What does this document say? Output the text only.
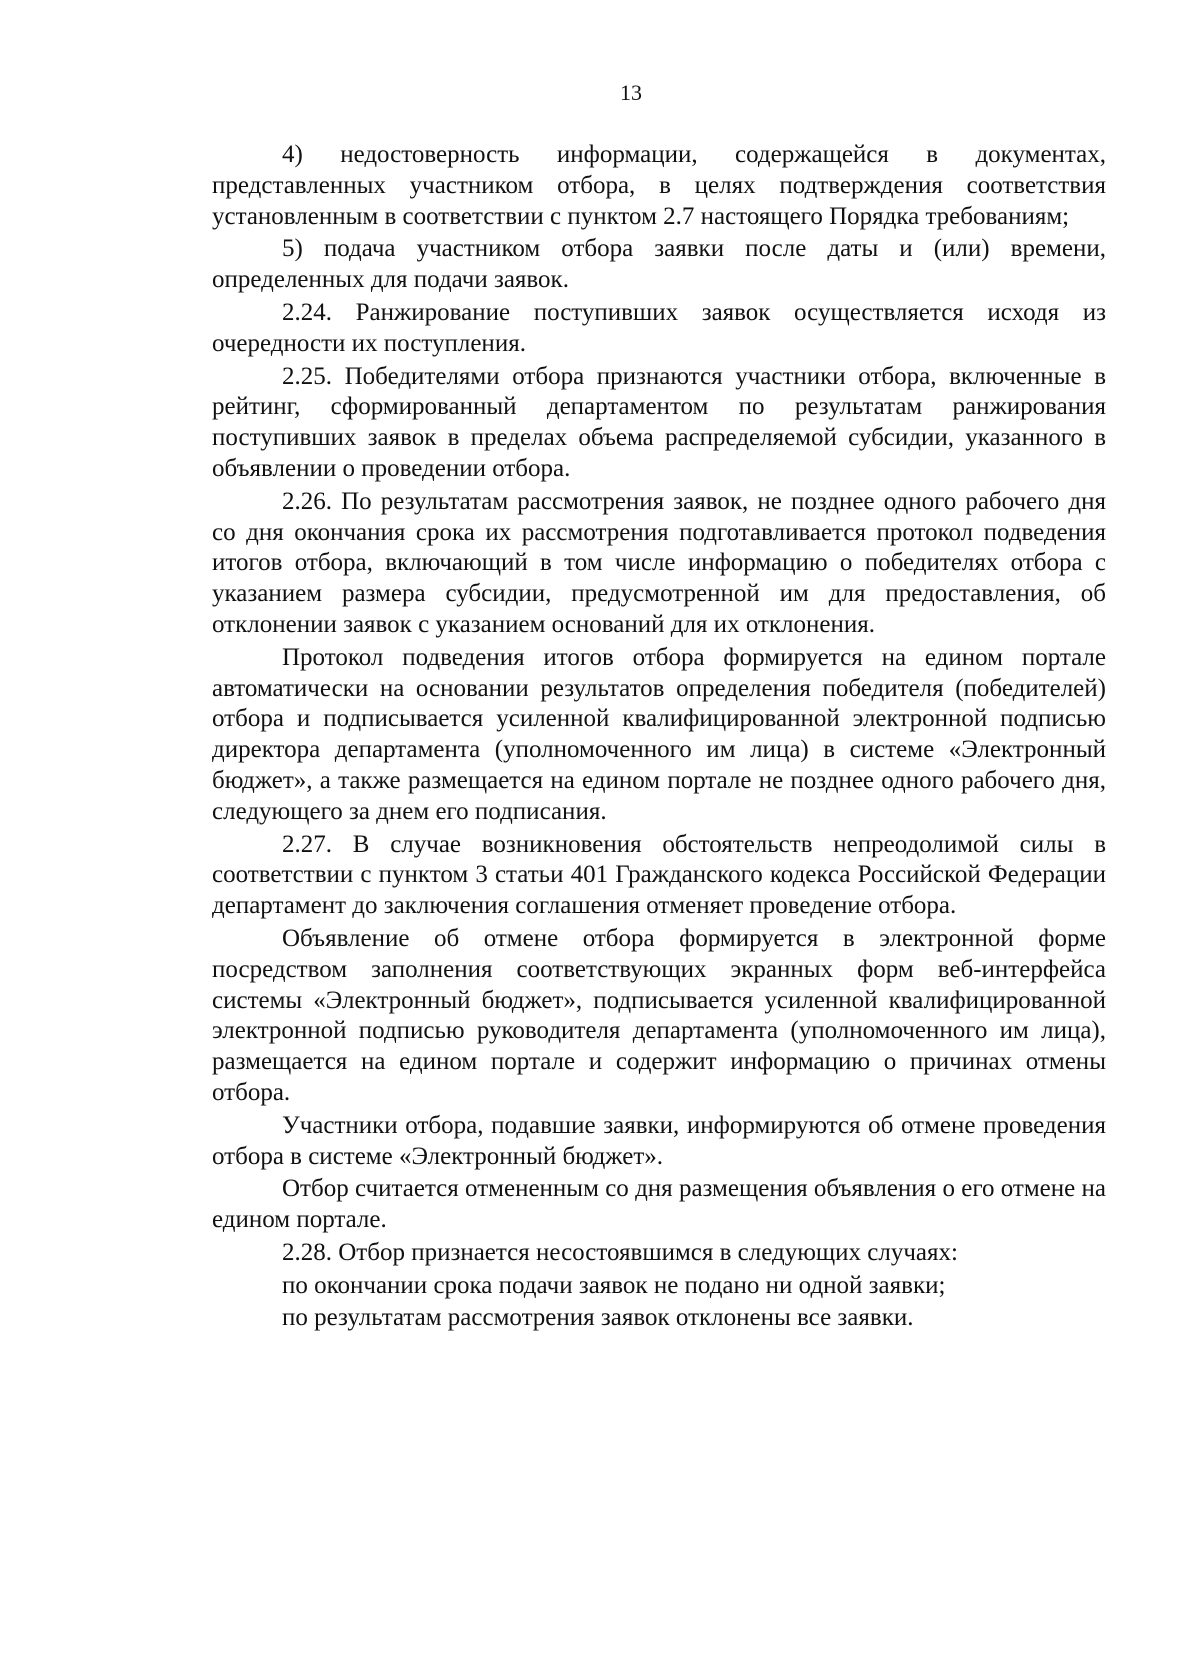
13

4) недостоверность информации, содержащейся в документах, представленных участником отбора, в целях подтверждения соответствия установленным в соответствии с пунктом 2.7 настоящего Порядка требованиям;

5) подача участником отбора заявки после даты и (или) времени, определенных для подачи заявок.

2.24. Ранжирование поступивших заявок осуществляется исходя из очередности их поступления.

2.25. Победителями отбора признаются участники отбора, включенные в рейтинг, сформированный департаментом по результатам ранжирования поступивших заявок в пределах объема распределяемой субсидии, указанного в объявлении о проведении отбора.

2.26. По результатам рассмотрения заявок, не позднее одного рабочего дня со дня окончания срока их рассмотрения подготавливается протокол подведения итогов отбора, включающий в том числе информацию о победителях отбора с указанием размера субсидии, предусмотренной им для предоставления, об отклонении заявок с указанием оснований для их отклонения.

Протокол подведения итогов отбора формируется на едином портале автоматически на основании результатов определения победителя (победителей) отбора и подписывается усиленной квалифицированной электронной подписью директора департамента (уполномоченного им лица) в системе «Электронный бюджет», а также размещается на едином портале не позднее одного рабочего дня, следующего за днем его подписания.

2.27. В случае возникновения обстоятельств непреодолимой силы в соответствии с пунктом 3 статьи 401 Гражданского кодекса Российской Федерации департамент до заключения соглашения отменяет проведение отбора.

Объявление об отмене отбора формируется в электронной форме посредством заполнения соответствующих экранных форм веб-интерфейса системы «Электронный бюджет», подписывается усиленной квалифицированной электронной подписью руководителя департамента (уполномоченного им лица), размещается на едином портале и содержит информацию о причинах отмены отбора.

Участники отбора, подавшие заявки, информируются об отмене проведения отбора в системе «Электронный бюджет».

Отбор считается отмененным со дня размещения объявления о его отмене на едином портале.

2.28. Отбор признается несостоявшимся в следующих случаях:

по окончании срока подачи заявок не подано ни одной заявки;

по результатам рассмотрения заявок отклонены все заявки.
